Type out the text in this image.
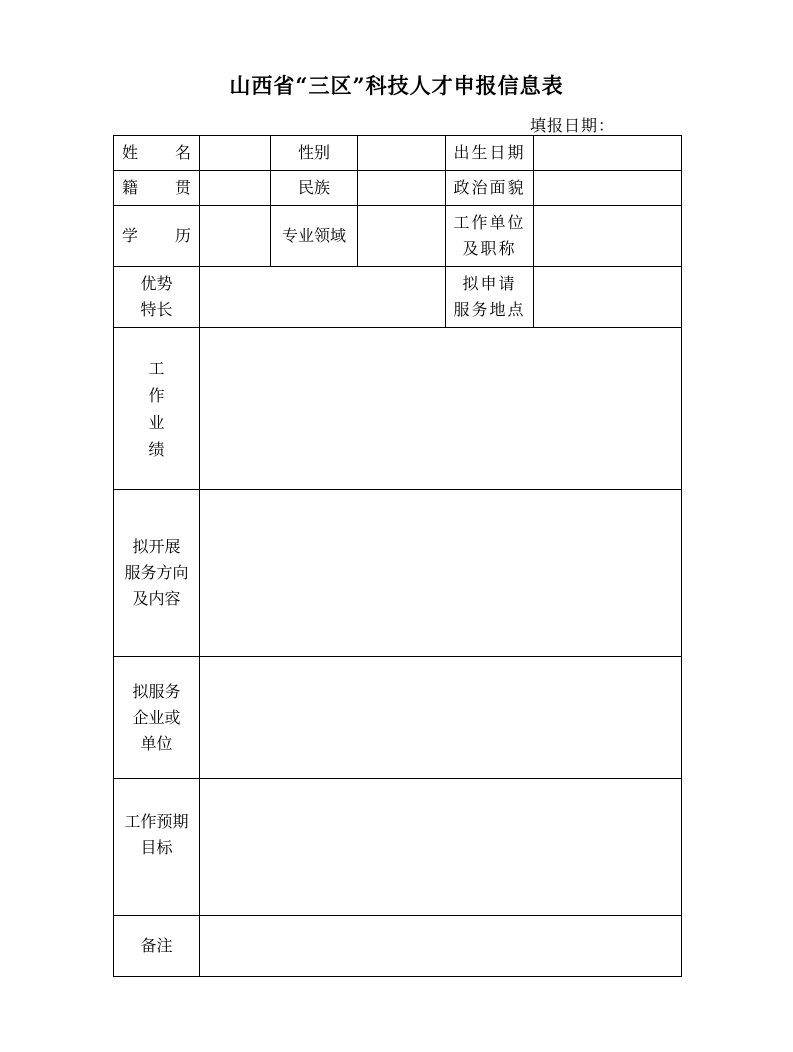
山西省“三区”科技人才申报信息表
填报日期：
姓 名		性别		出生日期	

籍 贯		民族		政治面貌	

学 历		专业领域		工作单位
及职称	

优势
特长				拟申请
服务地点	

工作业绩					

拟开展
服务方向
及内容					

拟服务
企业或
单位					

工作预期
目标					

备注					
